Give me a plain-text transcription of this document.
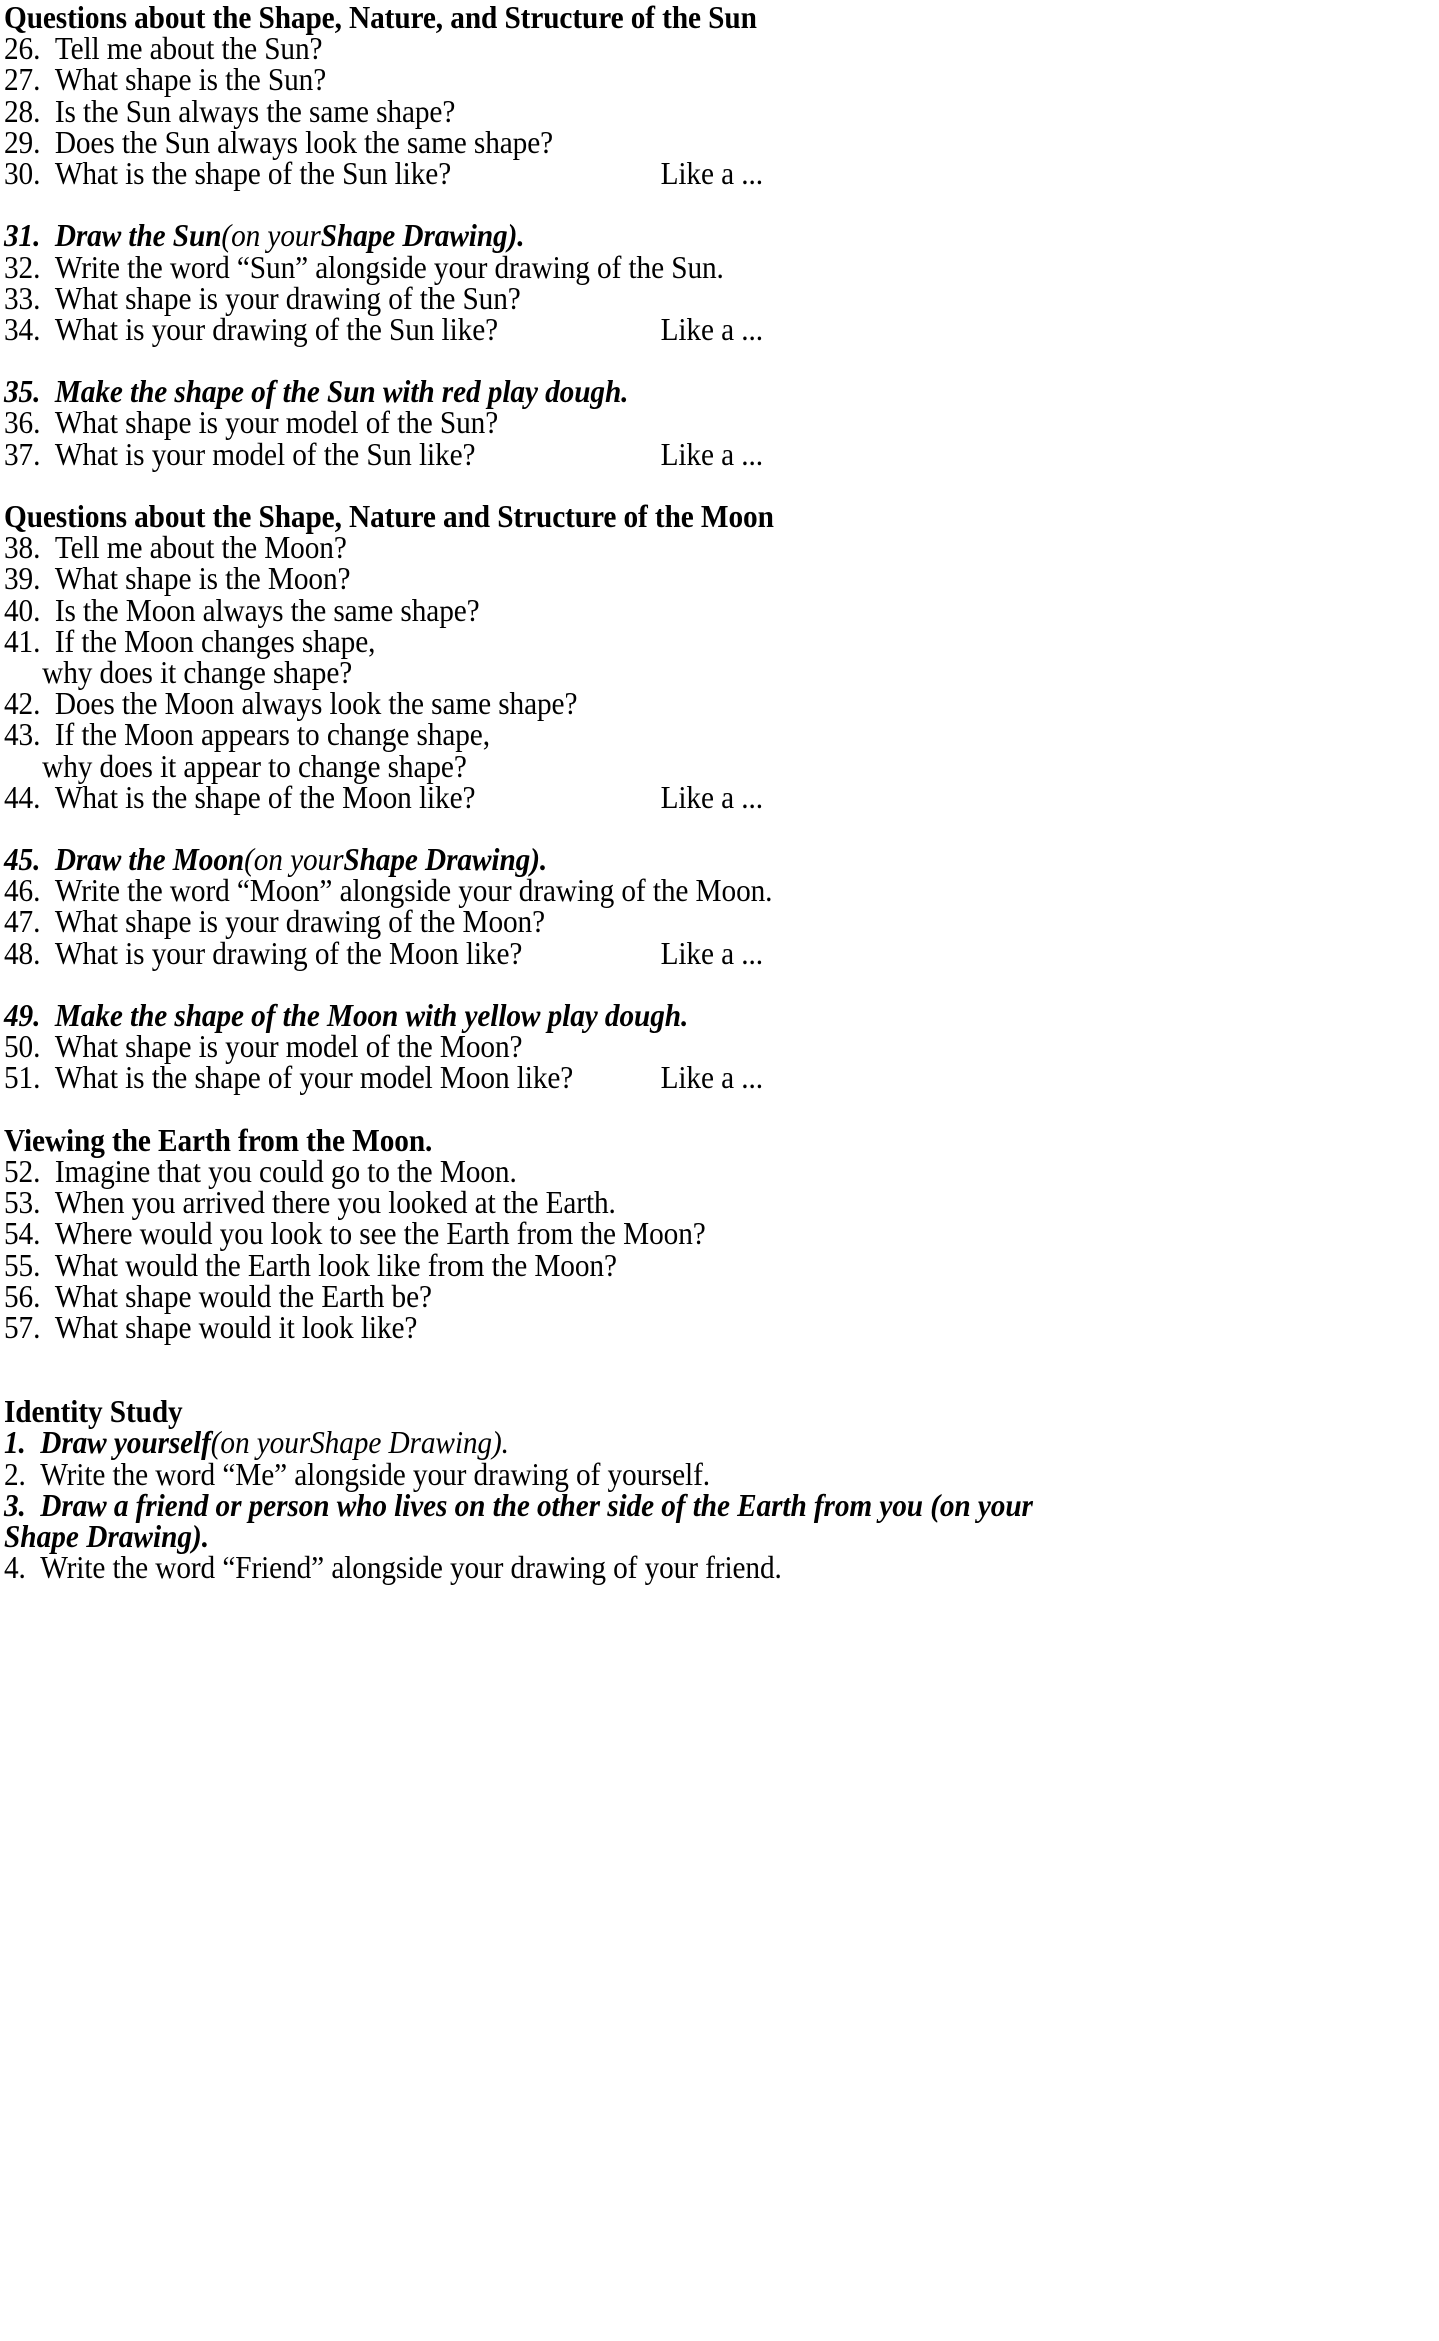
Questions about the Shape, Nature, and Structure of the Sun
26.  Tell me about the Sun?
27.  What shape is the Sun?
28.  Is the Sun always the same shape?
29.  Does the Sun always look the same shape?
30.  What is the shape of the Sun like?	Like a ...
31.  Draw the Sun(on yourShape Drawing).
32.  Write the word “Sun” alongside your drawing of the Sun.
33.  What shape is your drawing of the Sun?
34.  What is your drawing of the Sun like?	Like a ...
35.  Make the shape of the Sun with red play dough.
36.  What shape is your model of the Sun?
37.  What is your model of the Sun like?	Like a ...
Questions about the Shape, Nature and Structure of the Moon
38.  Tell me about the Moon?
39.  What shape is the Moon?
40.  Is the Moon always the same shape?
41.  If the Moon changes shape,
why does it change shape?
42.  Does the Moon always look the same shape?
43.  If the Moon appears to change shape,
why does it appear to change shape?
44.  What is the shape of the Moon like?	Like a ...
45.  Draw the Moon(on yourShape Drawing).
46.  Write the word “Moon” alongside your drawing of the Moon.
47.  What shape is your drawing of the Moon?
48.  What is your drawing of the Moon like?	Like a ...
49.  Make the shape of the Moon with yellow play dough.
50.  What shape is your model of the Moon?
51.  What is the shape of your model Moon like?	Like a ...
Viewing the Earth from the Moon.
52.  Imagine that you could go to the Moon.
53.  When you arrived there you looked at the Earth.
54.  Where would you look to see the Earth from the Moon?
55.  What would the Earth look like from the Moon?
56.  What shape would the Earth be?
57.  What shape would it look like?
Identity Study
1.  Draw yourself(on yourShape Drawing).
2.  Write the word “Me” alongside your drawing of yourself.
3.  Draw a friend or person who lives on the other side of the Earth from you (on your
Shape Drawing).
4.  Write the word “Friend” alongside your drawing of your friend.
